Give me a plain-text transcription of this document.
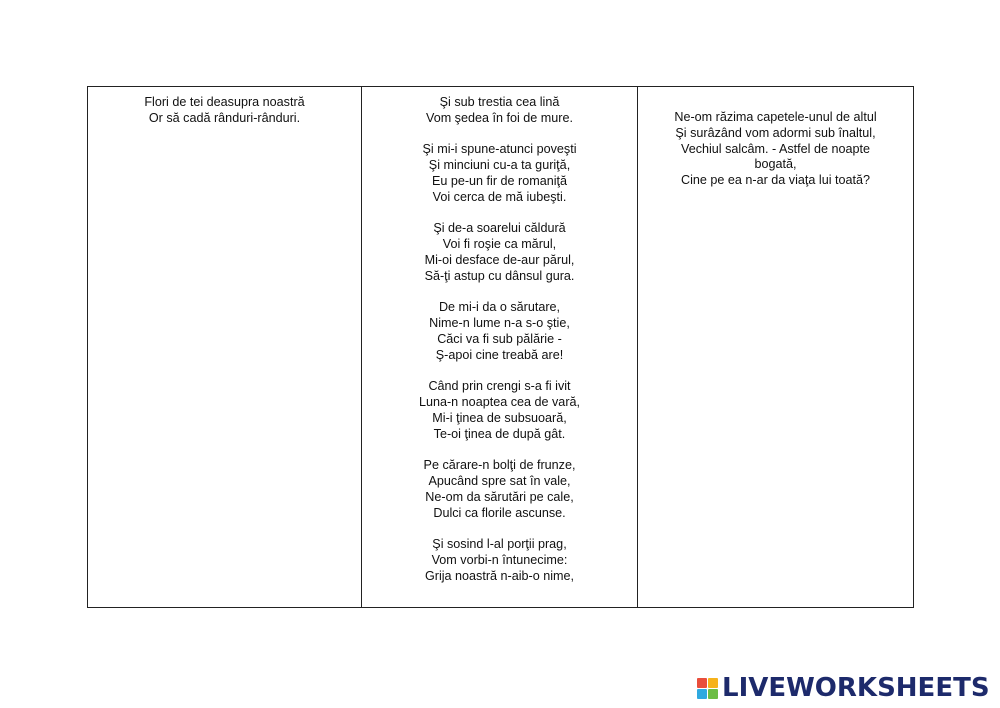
Flori de tei deasupra noastră
Or să cadă rânduri-rânduri.
Şi sub trestia cea lină
Vom şedea în foi de mure.
Şi mi-i spune-atunci poveşti
Şi minciuni cu-a ta guriţă,
Eu pe-un fir de romaniţă
Voi cerca de mă iubeşti.
Şi de-a soarelui căldură
Voi fi roşie ca mărul,
Mi-oi desface de-aur părul,
Să-ţi astup cu dânsul gura.
De mi-i da o sărutare,
Nime-n lume n-a s-o ştie,
Căci va fi sub pălărie -
Ş-apoi cine treabă are!
Când prin crengi s-a fi ivit
Luna-n noaptea cea de vară,
Mi-i ţinea de subsuoară,
Te-oi ţinea de după gât.
Pe cărare-n bolţi de frunze,
Apucând spre sat în vale,
Ne-om da sărutări pe cale,
Dulci ca florile ascunse.
Şi sosind l-al porţii prag,
Vom vorbi-n întunecime:
Grija noastră n-aib-o nime,
Ne-om răzima capetele-unul de altul
Şi surâzând vom adormi sub înaltul,
Vechiul salcâm. - Astfel de noapte
bogată,
Cine pe ea n-ar da viaţa lui toată?
LIVEWORKSHEETS
